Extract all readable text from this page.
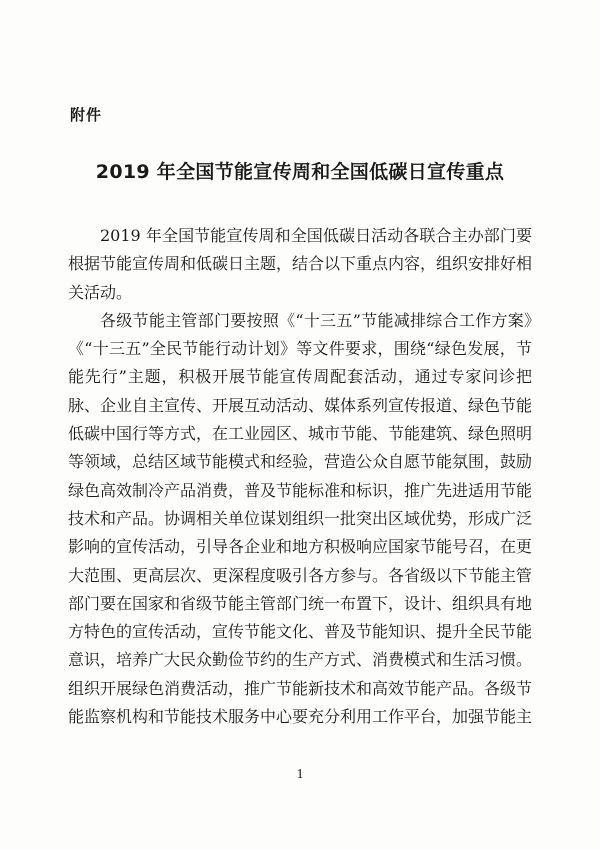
附件
2019 年全国节能宣传周和全国低碳日宣传重点

2019 年全国节能宣传周和全国低碳日活动各联合主办部门要根据节能宣传周和低碳日主题，结合以下重点内容，组织安排好相关活动。

各级节能主管部门要按照《“十三五”节能减排综合工作方案》《“十三五”全民节能行动计划》等文件要求，围绕“绿色发展，节能先行”主题，积极开展节能宣传周配套活动，通过专家问诊把脉、企业自主宣传、开展互动活动、媒体系列宣传报道、绿色节能低碳中国行等方式，在工业园区、城市节能、节能建筑、绿色照明等领域，总结区域节能模式和经验，营造公众自愿节能氛围，鼓励绿色高效制冷产品消费，普及节能标准和标识，推广先进适用节能技术和产品。协调相关单位谋划组织一批突出区域优势，形成广泛影响的宣传活动，引导各企业和地方积极响应国家节能号召，在更大范围、更高层次、更深程度吸引各方参与。各省级以下节能主管部门要在国家和省级节能主管部门统一布置下，设计、组织具有地方特色的宣传活动，宣传节能文化、普及节能知识、提升全民节能意识，培养广大民众勤俭节约的生产方式、消费模式和生活习惯。组织开展绿色消费活动，推广节能新技术和高效节能产品。各级节能监察机构和节能技术服务中心要充分利用工作平台，加强节能主

1
